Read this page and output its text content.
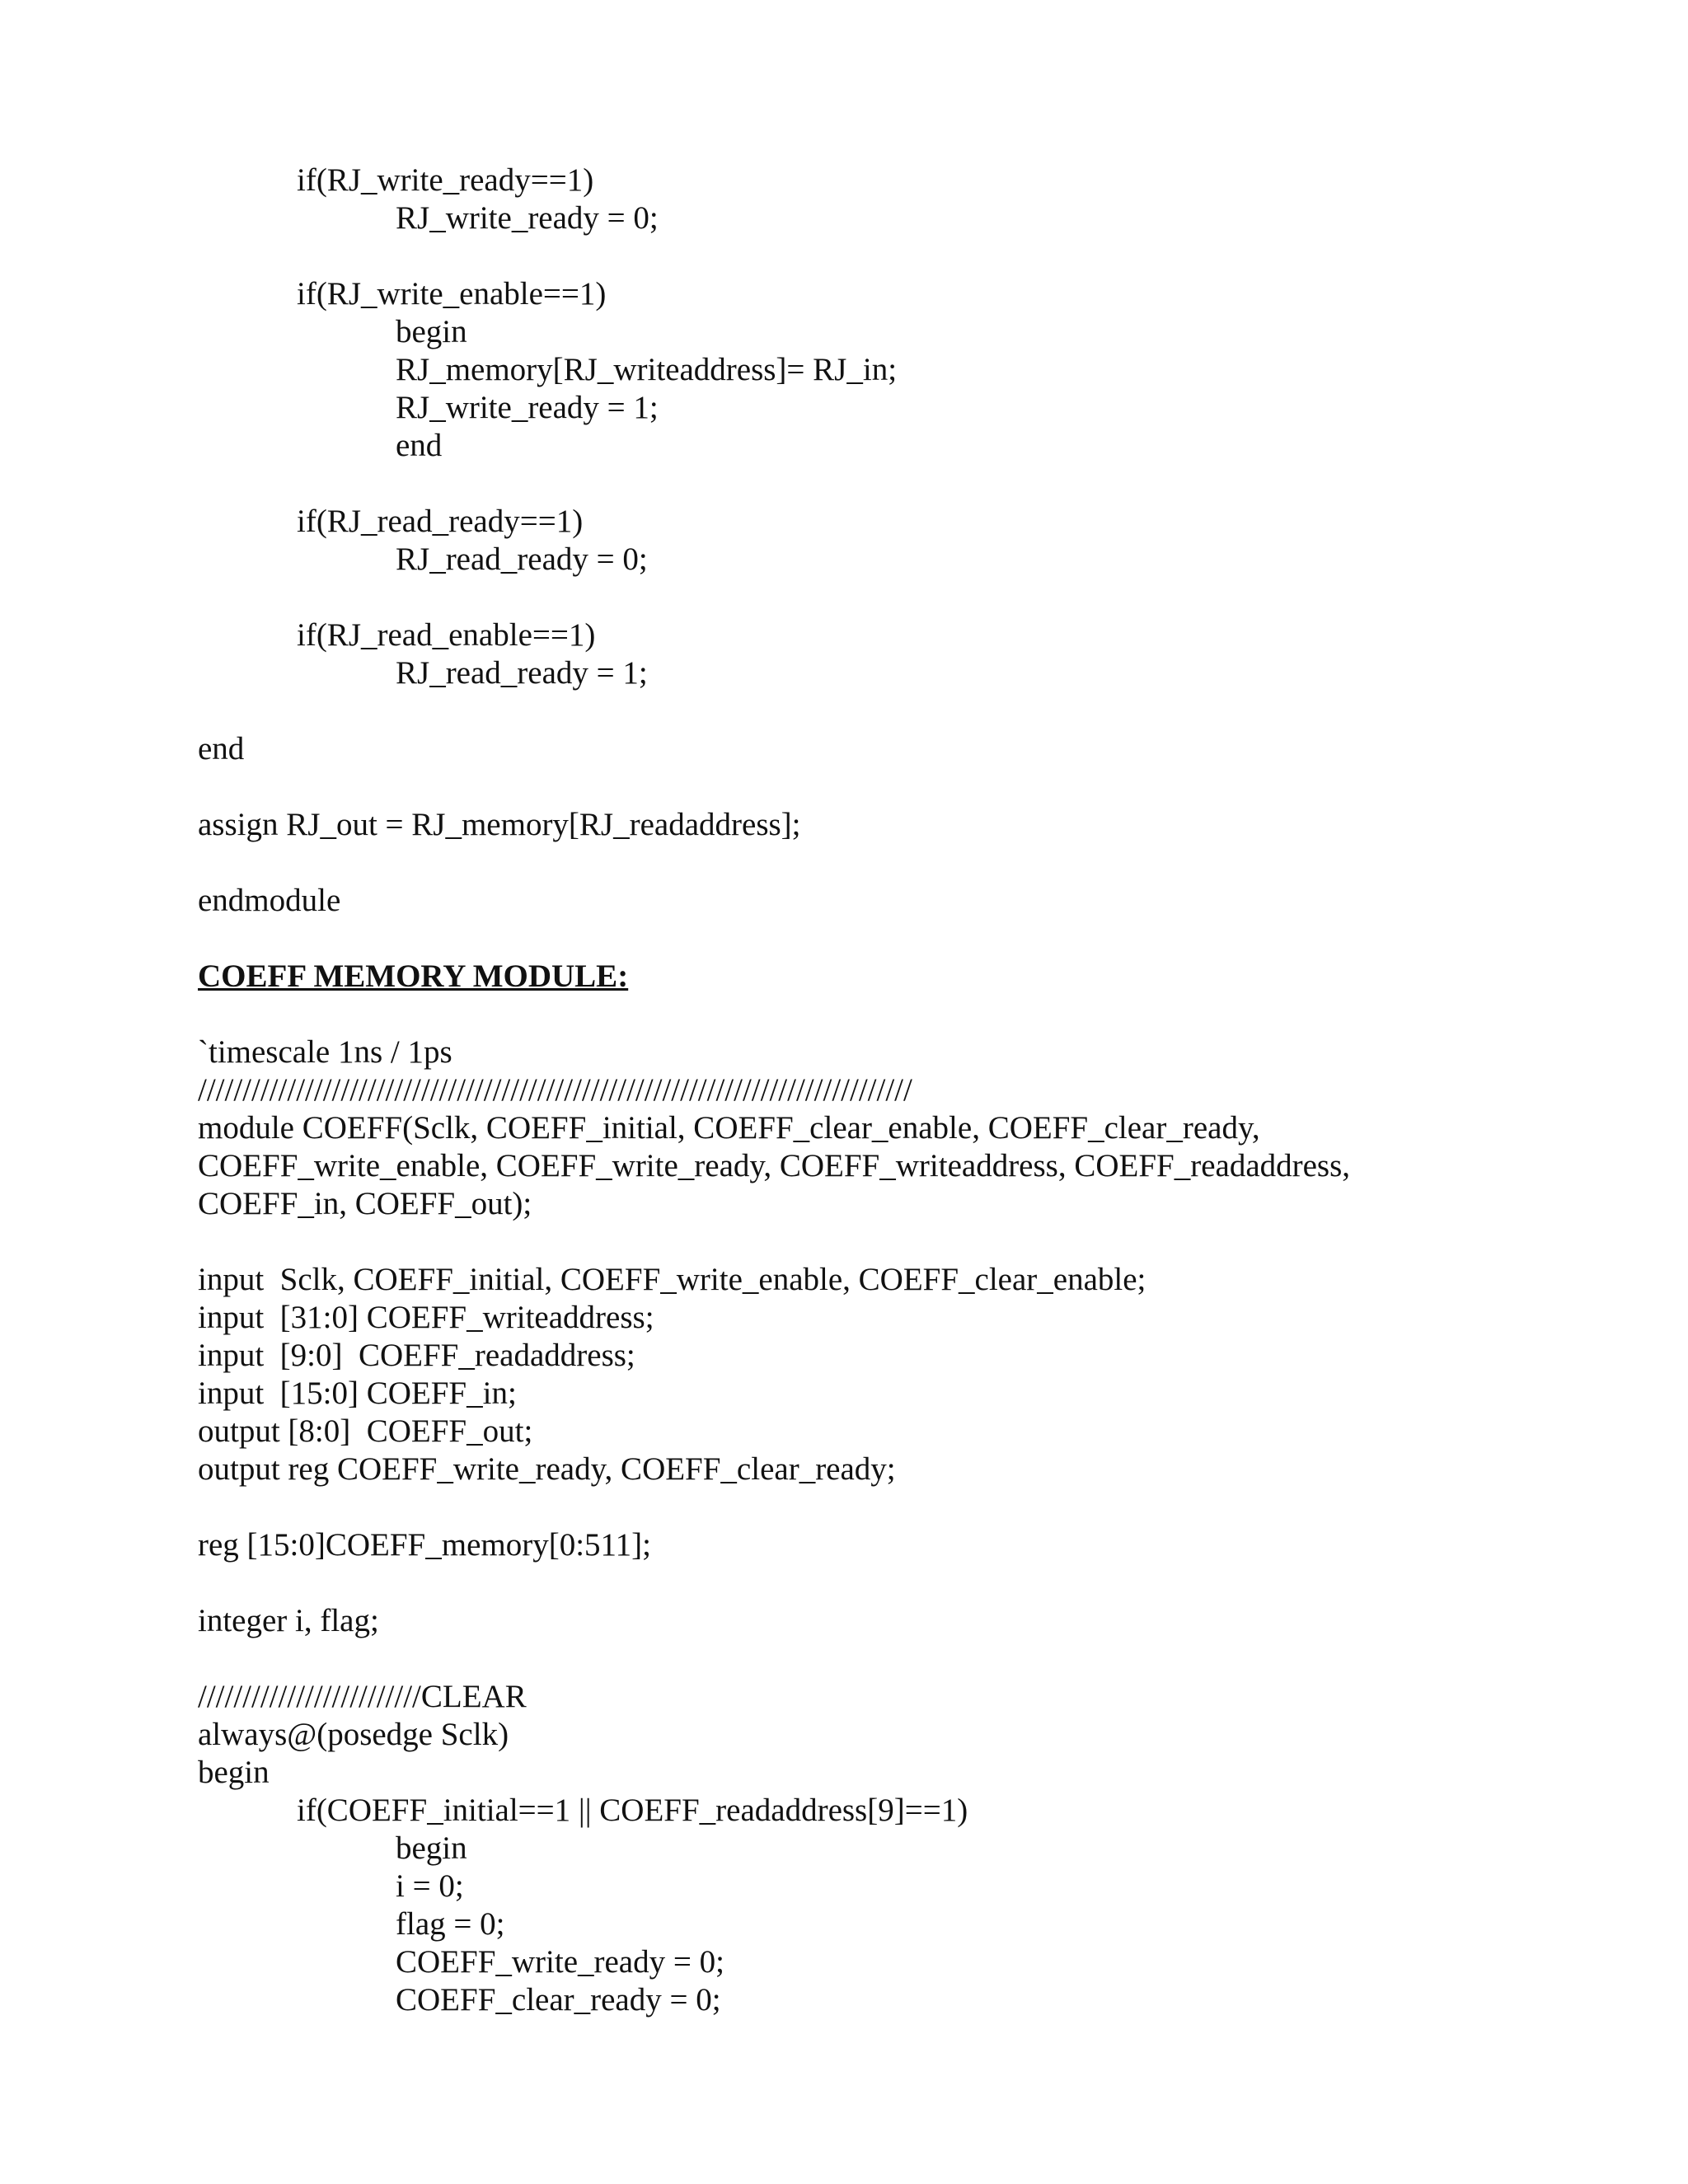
if(RJ_write_ready==1)
RJ_write_ready = 0;
if(RJ_write_enable==1)
begin
RJ_memory[RJ_writeaddress]= RJ_in;
RJ_write_ready = 1;
end
if(RJ_read_ready==1)
RJ_read_ready = 0;
if(RJ_read_enable==1)
RJ_read_ready = 1;
end
assign RJ_out = RJ_memory[RJ_readaddress];
endmodule
COEFF MEMORY MODULE:
`timescale 1ns / 1ps
////////////////////////////////////////////////////////////////////////////////
module COEFF(Sclk, COEFF_initial, COEFF_clear_enable, COEFF_clear_ready,
COEFF_write_enable, COEFF_write_ready, COEFF_writeaddress, COEFF_readaddress,
COEFF_in, COEFF_out);
input  Sclk, COEFF_initial, COEFF_write_enable, COEFF_clear_enable;
input  [31:0] COEFF_writeaddress;
input  [9:0]  COEFF_readaddress;
input  [15:0] COEFF_in;
output [8:0]  COEFF_out;
output reg COEFF_write_ready, COEFF_clear_ready;
reg [15:0]COEFF_memory[0:511];
integer i, flag;
/////////////////////////CLEAR
always@(posedge Sclk)
begin
if(COEFF_initial==1 || COEFF_readaddress[9]==1)
begin
i = 0;
flag = 0;
COEFF_write_ready = 0;
COEFF_clear_ready = 0;
